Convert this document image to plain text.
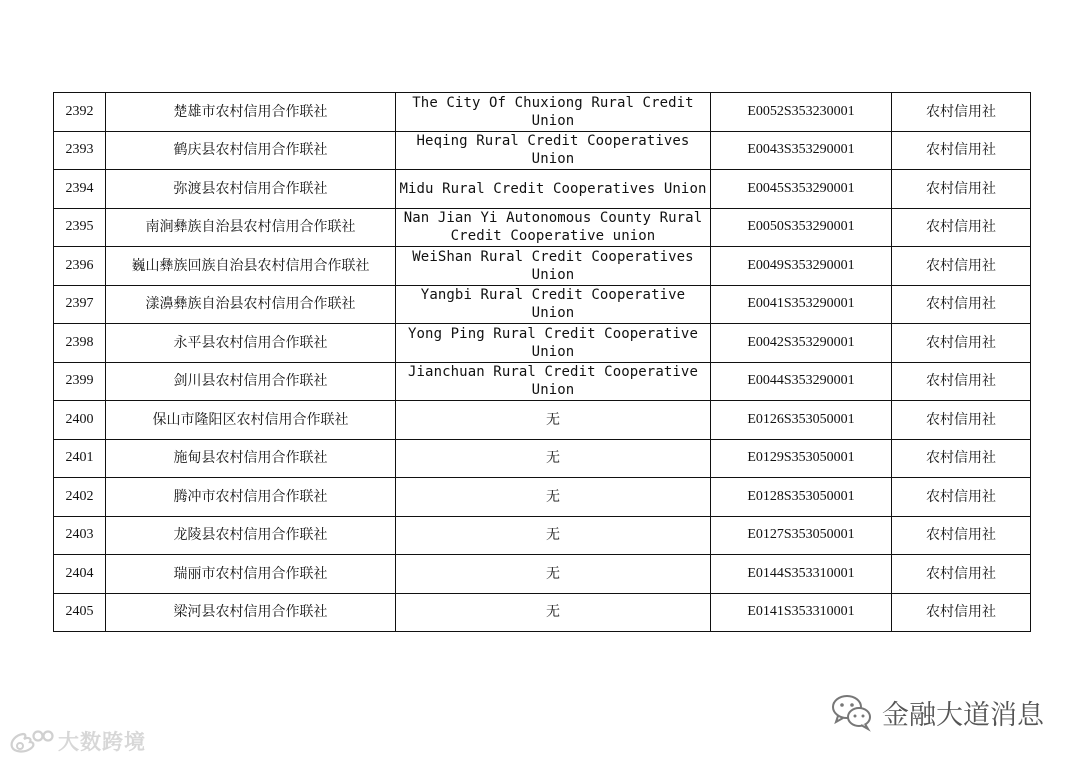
2392	楚雄市农村信用合作联社	The City Of Chuxiong Rural Credit Union	E0052S353230001	农村信用社
2393	鹤庆县农村信用合作联社	Heqing Rural Credit Cooperatives Union	E0043S353290001	农村信用社
2394	弥渡县农村信用合作联社	Midu Rural Credit Cooperatives Union	E0045S353290001	农村信用社
2395	南涧彝族自治县农村信用合作联社	Nan Jian Yi Autonomous County Rural Credit Cooperative union	E0050S353290001	农村信用社
2396	巍山彝族回族自治县农村信用合作联社	WeiShan Rural Credit Cooperatives Union	E0049S353290001	农村信用社
2397	漾濞彝族自治县农村信用合作联社	Yangbi Rural Credit Cooperative Union	E0041S353290001	农村信用社
2398	永平县农村信用合作联社	Yong Ping Rural Credit Cooperative Union	E0042S353290001	农村信用社
2399	剑川县农村信用合作联社	Jianchuan Rural Credit Cooperative Union	E0044S353290001	农村信用社
2400	保山市隆阳区农村信用合作联社	无	E0126S353050001	农村信用社
2401	施甸县农村信用合作联社	无	E0129S353050001	农村信用社
2402	腾冲市农村信用合作联社	无	E0128S353050001	农村信用社
2403	龙陵县农村信用合作联社	无	E0127S353050001	农村信用社
2404	瑞丽市农村信用合作联社	无	E0144S353310001	农村信用社
2405	梁河县农村信用合作联社	无	E0141S353310001	农村信用社
大数跨境
金融大道消息
